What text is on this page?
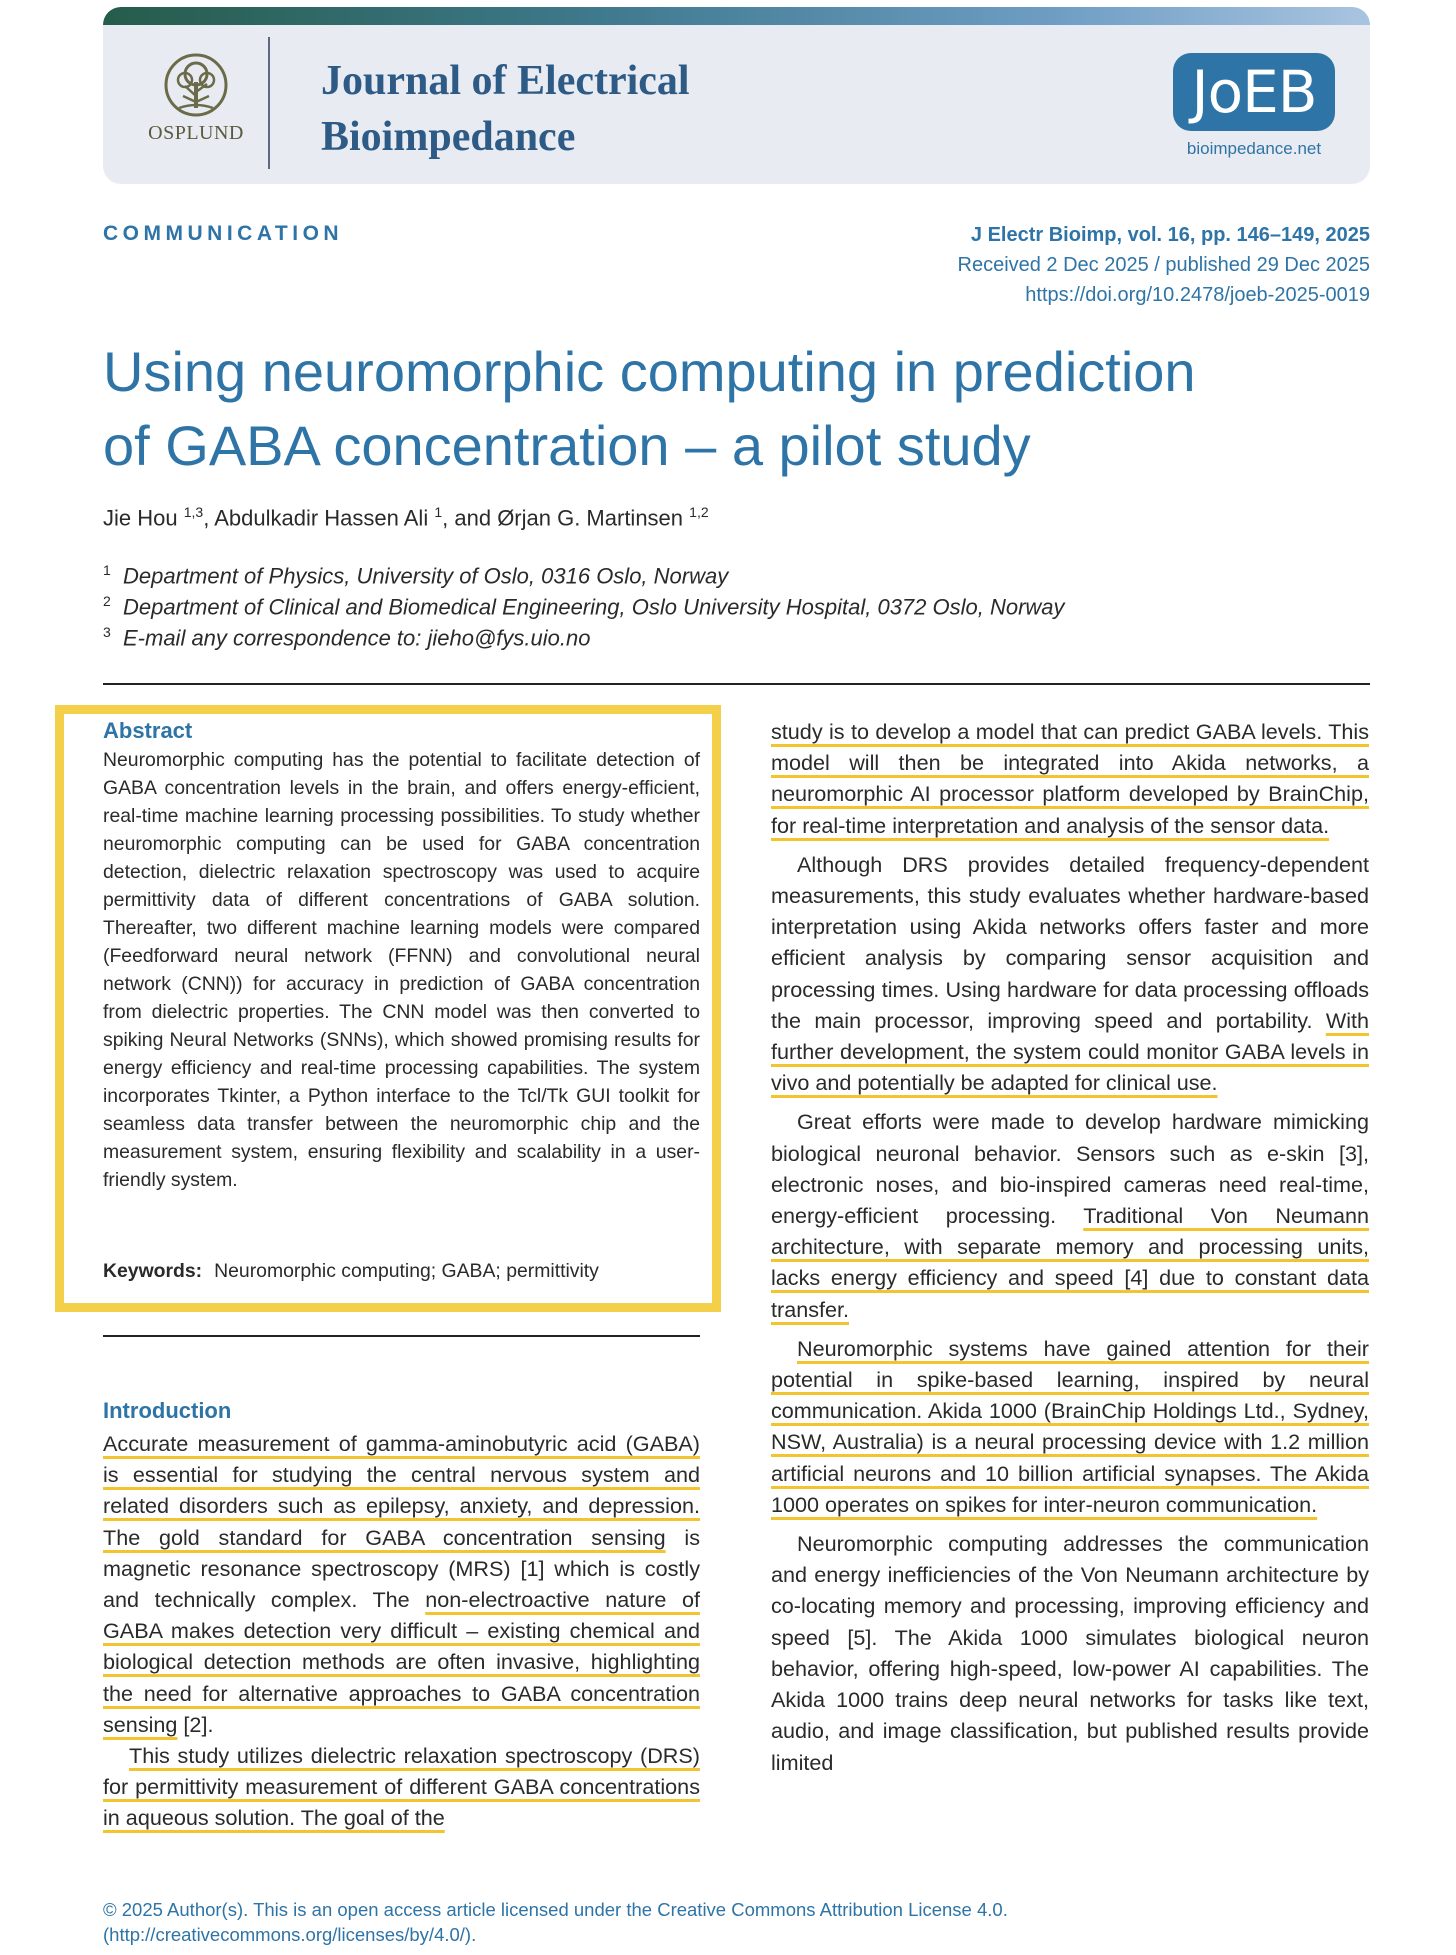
OSPLUND
Journal of Electrical
Bioimpedance
JoEB
bioimpedance.net
COMMUNICATION	J Electr Bioimp, vol. 16, pp. 146–149, 2025
Received 2 Dec 2025 / published 29 Dec 2025
https://doi.org/10.2478/joeb-2025-0019
Using neuromorphic computing in prediction
of GABA concentration – a pilot study
Jie Hou $^{1,3}$, Abdulkadir Hassen Ali $^1$, and Ørjan G. Martinsen $^{1,2}$
$^1$ Department of Physics, University of Oslo, 0316 Oslo, Norway
$^2$ Department of Clinical and Biomedical Engineering, Oslo University Hospital, 0372 Oslo, Norway
$^3$ E-mail any correspondence to: jieho@fys.uio.no
Abstract
Neuromorphic computing has the potential to facilitate detection of GABA concentration levels in the brain, and offers energy-efficient, real-time machine learning processing possibilities. To study whether neuromorphic computing can be used for GABA concentration detection, dielectric relaxation spectroscopy was used to acquire permittivity data of different concentrations of GABA solution. Thereafter, two different machine learning models were compared (Feedforward neural network (FFNN) and convolutional neural network (CNN)) for accuracy in prediction of GABA concentration from dielectric properties. The CNN model was then converted to spiking Neural Networks (SNNs), which showed promising results for energy efficiency and real-time processing capabilities. The system incorporates Tkinter, a Python interface to the Tcl/Tk GUI toolkit for seamless data transfer between the neuromorphic chip and the measurement system, ensuring flexibility and scalability in a user-friendly system.
Keywords: Neuromorphic computing; GABA; permittivity
Introduction

Accurate measurement of gamma-aminobutyric acid (GABA) is essential for studying the central nervous system and related disorders such as epilepsy, anxiety, and depression. The gold standard for GABA concentration sensing is magnetic resonance spectroscopy (MRS) [1] which is costly and technically complex. The non-electroactive nature of GABA makes detection very difficult – existing chemical and biological detection methods are often invasive, highlighting the need for alternative approaches to GABA concentration sensing [2].

This study utilizes dielectric relaxation spectroscopy (DRS) for permittivity measurement of different GABA concentrations in aqueous solution. The goal of the

study is to develop a model that can predict GABA levels. This model will then be integrated into Akida networks, a neuromorphic AI processor platform developed by BrainChip, for real-time interpretation and analysis of the sensor data.

Although DRS provides detailed frequency-dependent measurements, this study evaluates whether hardware-based interpretation using Akida networks offers faster and more efficient analysis by comparing sensor acquisition and processing times. Using hardware for data processing offloads the main processor, improving speed and portability. With further development, the system could monitor GABA levels in vivo and potentially be adapted for clinical use.

Great efforts were made to develop hardware mimicking biological neuronal behavior. Sensors such as e-skin [3], electronic noses, and bio-inspired cameras need real-time, energy-efficient processing. Traditional Von Neumann architecture, with separate memory and processing units, lacks energy efficiency and speed [4] due to constant data transfer.

Neuromorphic systems have gained attention for their potential in spike-based learning, inspired by neural communication. Akida 1000 (BrainChip Holdings Ltd., Sydney, NSW, Australia) is a neural processing device with 1.2 million artificial neurons and 10 billion artificial synapses. The Akida 1000 operates on spikes for inter-neuron communication.

Neuromorphic computing addresses the communication and energy inefficiencies of the Von Neumann architecture by co-locating memory and processing, improving efficiency and speed [5]. The Akida 1000 simulates biological neuron behavior, offering high-speed, low-power AI capabilities. The Akida 1000 trains deep neural networks for tasks like text, audio, and image classification, but published results provide limited

© 2025 Author(s). This is an open access article licensed under the Creative Commons Attribution License 4.0.
(http://creativecommons.org/licenses/by/4.0/).
